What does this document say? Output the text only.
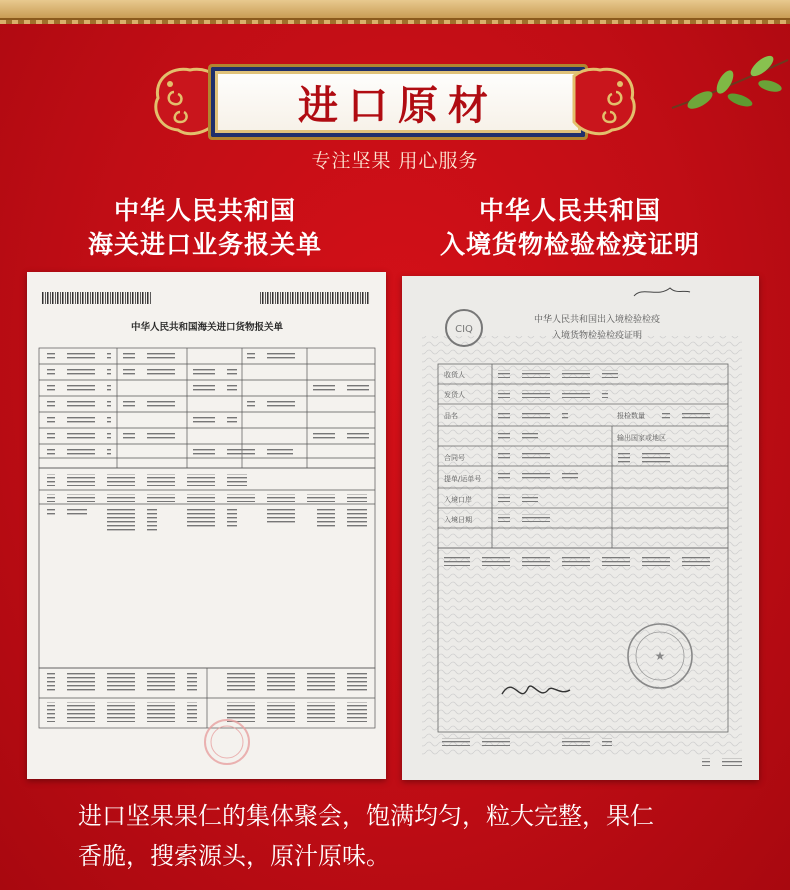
进口原材
专注坚果 用心服务
中华人民共和国
海关进口业务报关单
中华人民共和国
入境货物检验检疫证明
中华人民共和国海关进口货物报关单	CIQ
中华人民共和国出入境检验检疫
入境货物检验检疫证明
收货人
发货人
品名	报检数量
输出国家或地区
合同号
提单/运单号
入境口岸
入境日期
★
进口坚果果仁的集体聚会，饱满均匀，粒大完整，果仁
香脆，搜索源头，原汁原味。
